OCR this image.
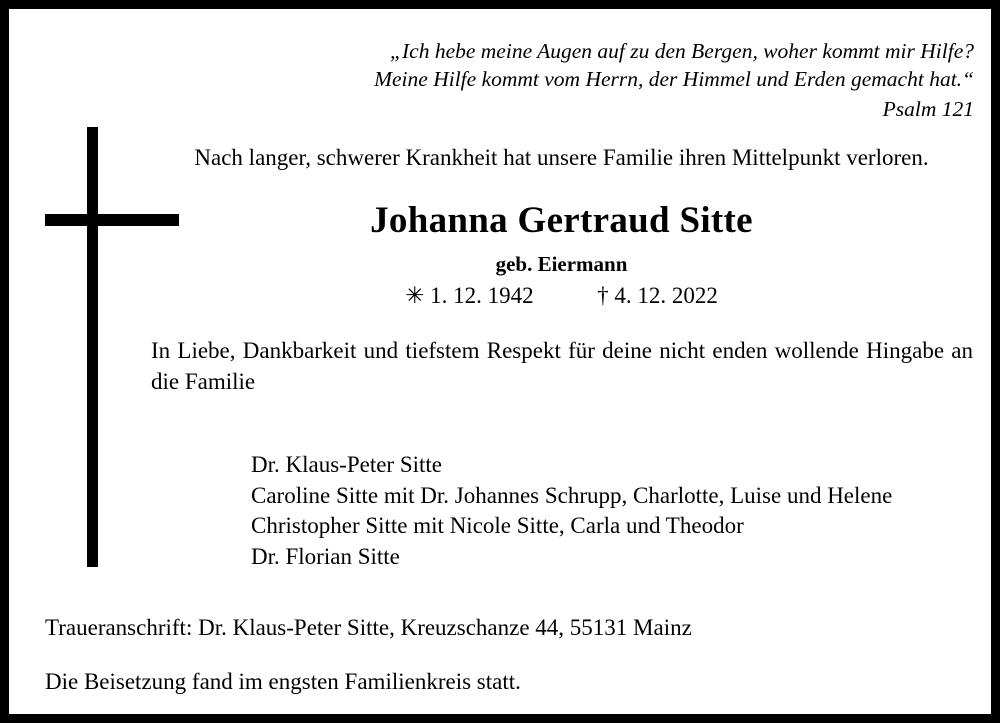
„Ich hebe meine Augen auf zu den Bergen, woher kommt mir Hilfe?
Meine Hilfe kommt vom Herrn, der Himmel und Erden gemacht hat.“
Psalm 121
Nach langer, schwerer Krankheit hat unsere Familie ihren Mittelpunkt verloren.
Johanna Gertraud Sitte
geb. Eiermann
✳ 1. 12. 1942	† 4. 12. 2022
In Liebe, Dankbarkeit und tiefstem Respekt für deine nicht enden wollende Hingabe an die Familie
Dr. Klaus-Peter Sitte
Caroline Sitte mit Dr. Johannes Schrupp, Charlotte, Luise und Helene
Christopher Sitte mit Nicole Sitte, Carla und Theodor
Dr. Florian Sitte
Traueranschrift: Dr. Klaus-Peter Sitte, Kreuzschanze 44, 55131 Mainz
Die Beisetzung fand im engsten Familienkreis statt.
